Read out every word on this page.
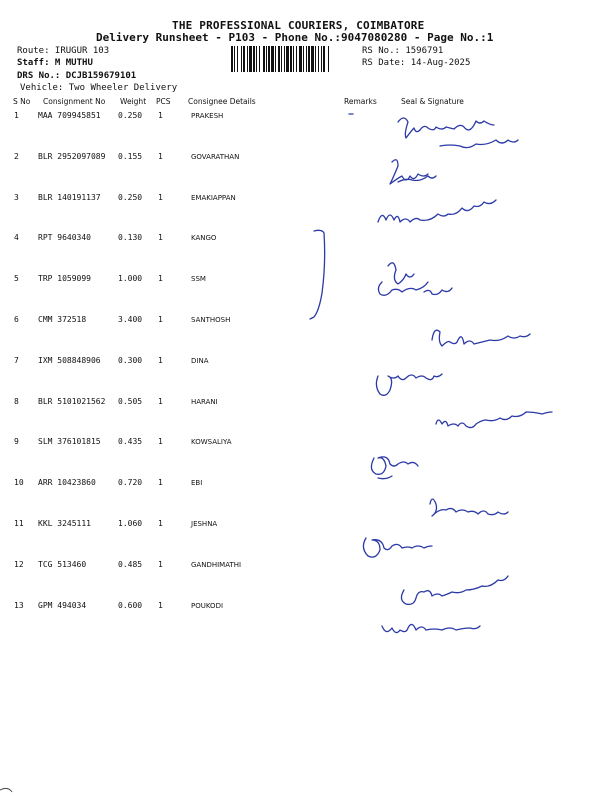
THE PROFESSIONAL COURIERS, COIMBATORE
Delivery Runsheet - P103 - Phone No.:9047080280 - Page No.:1
Route: IRUGUR 103
Staff: M MUTHU
DRS No.: DCJB159679101
Vehicle: Two Wheeler Delivery
RS No.: 1596791
RS Date: 14-Aug-2025
S No Consignment No Weight PCS Consignee Details	Remarks	Seal & Signature
1 MAA 709945851 0.250 1	PRAKESH
2 BLR 2952097089 0.155 1	GOVARATHAN
3 BLR 140191137 0.250 1	EMAKIAPPAN
4 RPT 9640340	0.130 1	KANGO
5 TRP 1059099	1.000 1	SSM
6 CMM 372518	3.400 1	SANTHOSH
7 IXM 508848906 0.300 1	DINA
8 BLR 5101021562 0.505 1	HARANI
9 SLM 376101815 0.435 1	KOWSALIYA
10 ARR 10423860	0.720 1	EBI
11 KKL 3245111	1.060 1	JESHNA
12 TCG 513460	0.485 1	GANDHIMATHI
13 GPM 494034	0.600 1	POUKODI
